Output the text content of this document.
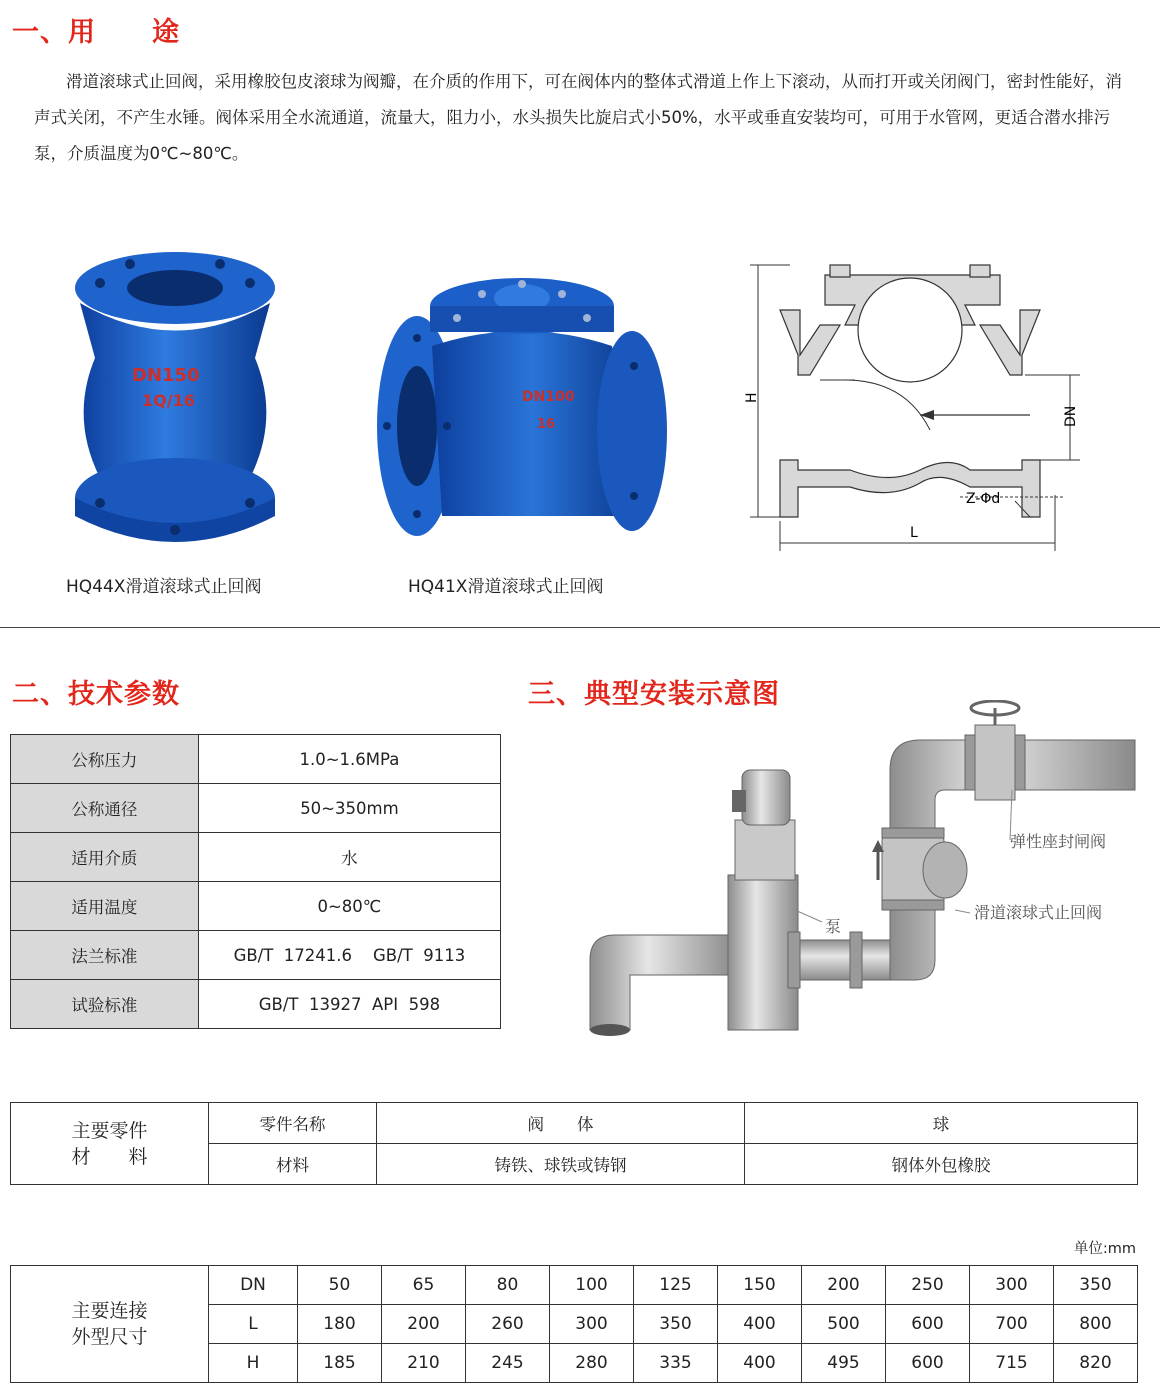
一、用　　途

滑道滚球式止回阀，采用橡胶包皮滚球为阀瓣，在介质的作用下，可在阀体内的整体式滑道上作上下滚动，从而打开或关闭阀门，密封性能好，消声式关闭，不产生水锤。阀体采用全水流通道，流量大，阻力小，水头损失比旋启式小50%，水平或垂直安装均可，可用于水管网，更适合潜水排污泵，介质温度为0℃~80℃。

DN150
1Q/16
HQ44X滑道滚球式止回阀
DN100
16
HQ41X滑道滚球式止回阀
H
DN
L
Z-Φd
二、技术参数	三、典型安装示意图
公称压力	1.0~1.6MPa
公称通径	50~350mm
适用介质	水
适用温度	0~80℃
法兰标准	GB/T  17241.6    GB/T  9113
试验标准	GB/T  13927  API  598
弹性座封闸阀
滑道滚球式止回阀
泵
主要零件
材　　料	零件名称	阀　　体	球
	材料	铸铁、球铁或铸钢	钢体外包橡胶
单位:mm
主要连接
外型尺寸	DN	50	65	80	100	125	150	200	250	300	350
	L	180	200	260	300	350	400	500	600	700	800
	H	185	210	245	280	335	400	495	600	715	820
